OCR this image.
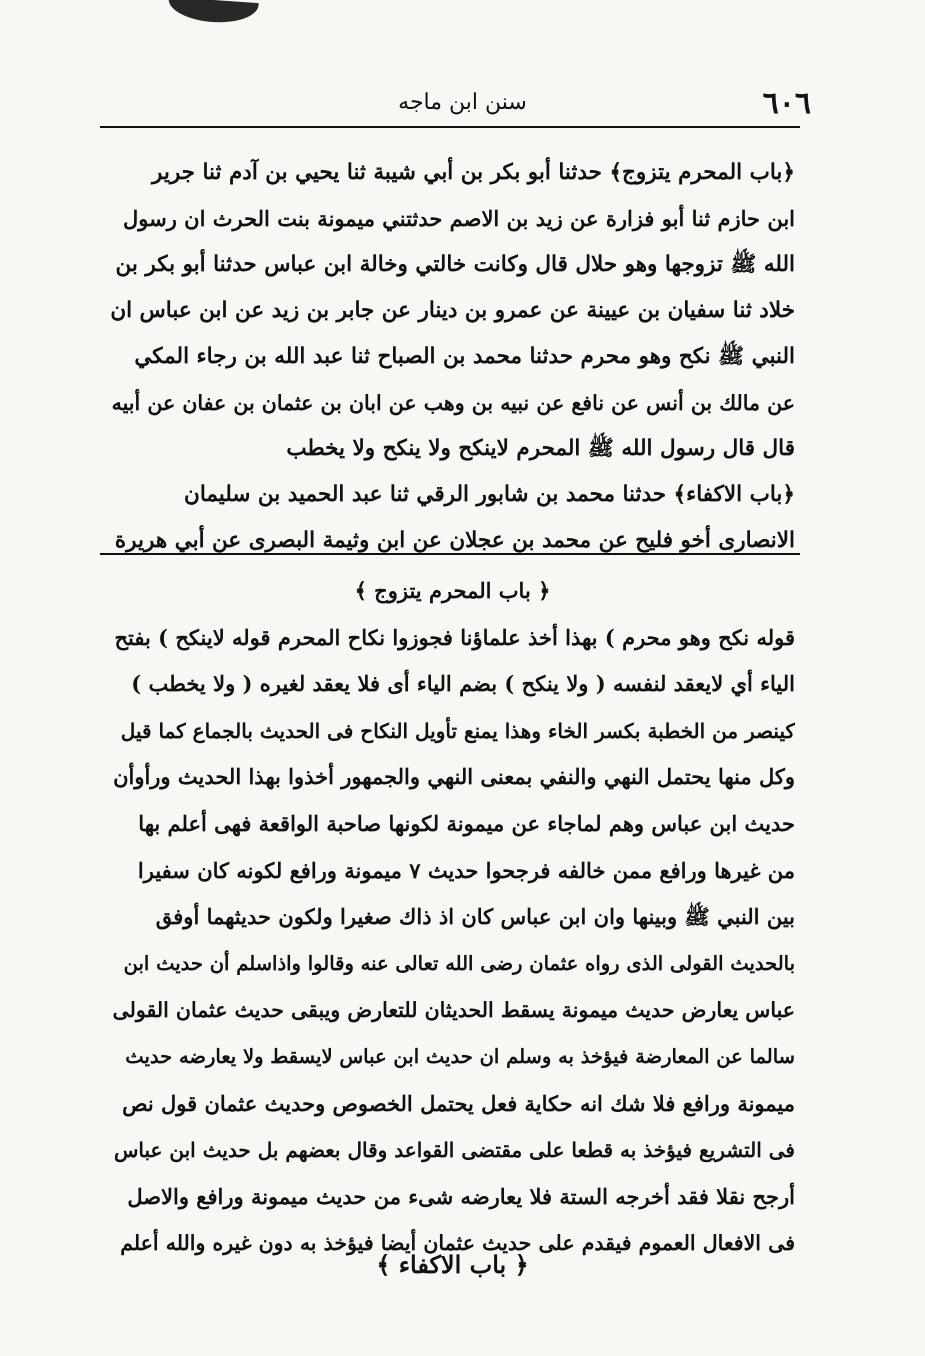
٦٠٦
سنن ابن ماجه

﴿باب المحرم يتزوج﴾ حدثنا أبو بكر بن أبي شيبة ثنا يحيي بن آدم ثنا جرير

ابن حازم ثنا أبو فزارة عن زيد بن الاصم حدثتني ميمونة بنت الحرث ان رسول

الله ﷺ تزوجها وهو حلال قال وكانت خالتي وخالة ابن عباس حدثنا أبو بكر بن

خلاد ثنا سفيان بن عيينة عن عمرو بن دينار عن جابر بن زيد عن ابن عباس ان

النبي ﷺ نكح وهو محرم حدثنا محمد بن الصباح ثنا عبد الله بن رجاء المكي

عن مالك بن أنس عن نافع عن نبيه بن وهب عن ابان بن عثمان بن عفان عن أبيه

قال قال رسول الله ﷺ المحرم لاينكح ولا ينكح ولا يخطب

﴿باب الاكفاء﴾ حدثنا محمد بن شابور الرقي ثنا عبد الحميد بن سليمان

الانصارى أخو فليح عن محمد بن عجلان عن ابن وثيمة البصرى عن أبي هريرة

﴿ باب المحرم يتزوج ﴾

قوله نكح وهو محرم ) بهذا أخذ علماؤنا فجوزوا نكاح المحرم قوله لاينكح ) بفتح

الياء أي لايعقد لنفسه ( ولا ينكح ) بضم الياء أى فلا يعقد لغيره ( ولا يخطب )

كينصر من الخطبة بكسر الخاء وهذا يمنع تأويل النكاح فى الحديث بالجماع كما قيل

وكل منها يحتمل النهي والنفي بمعنى النهي والجمهور أخذوا بهذا الحديث ورأوأن

حديث ابن عباس وهم لماجاء عن ميمونة لكونها صاحبة الواقعة فهى أعلم بها

من غيرها ورافع ممن خالفه فرجحوا حديث ٧ ميمونة ورافع لكونه كان سفيرا

بين النبي ﷺ وبينها وان ابن عباس كان اذ ذاك صغيرا ولكون حديثهما أوفق

بالحديث القولى الذى رواه عثمان رضى الله تعالى عنه وقالوا واذاسلم أن حديث ابن

عباس يعارض حديث ميمونة يسقط الحديثان للتعارض ويبقى حديث عثمان القولى

سالما عن المعارضة فيؤخذ به وسلم ان حديث ابن عباس لايسقط ولا يعارضه حديث

ميمونة ورافع فلا شك انه حكاية فعل يحتمل الخصوص وحديث عثمان قول نص

فى التشريع فيؤخذ به قطعا على مقتضى القواعد وقال بعضهم بل حديث ابن عباس

أرجح نقلا فقد أخرجه الستة فلا يعارضه شىء من حديث ميمونة ورافع والاصل

فى الافعال العموم فيقدم على حديث عثمان أيضا فيؤخذ به دون غيره والله أعلم

﴿ باب الاكفاء ﴾
